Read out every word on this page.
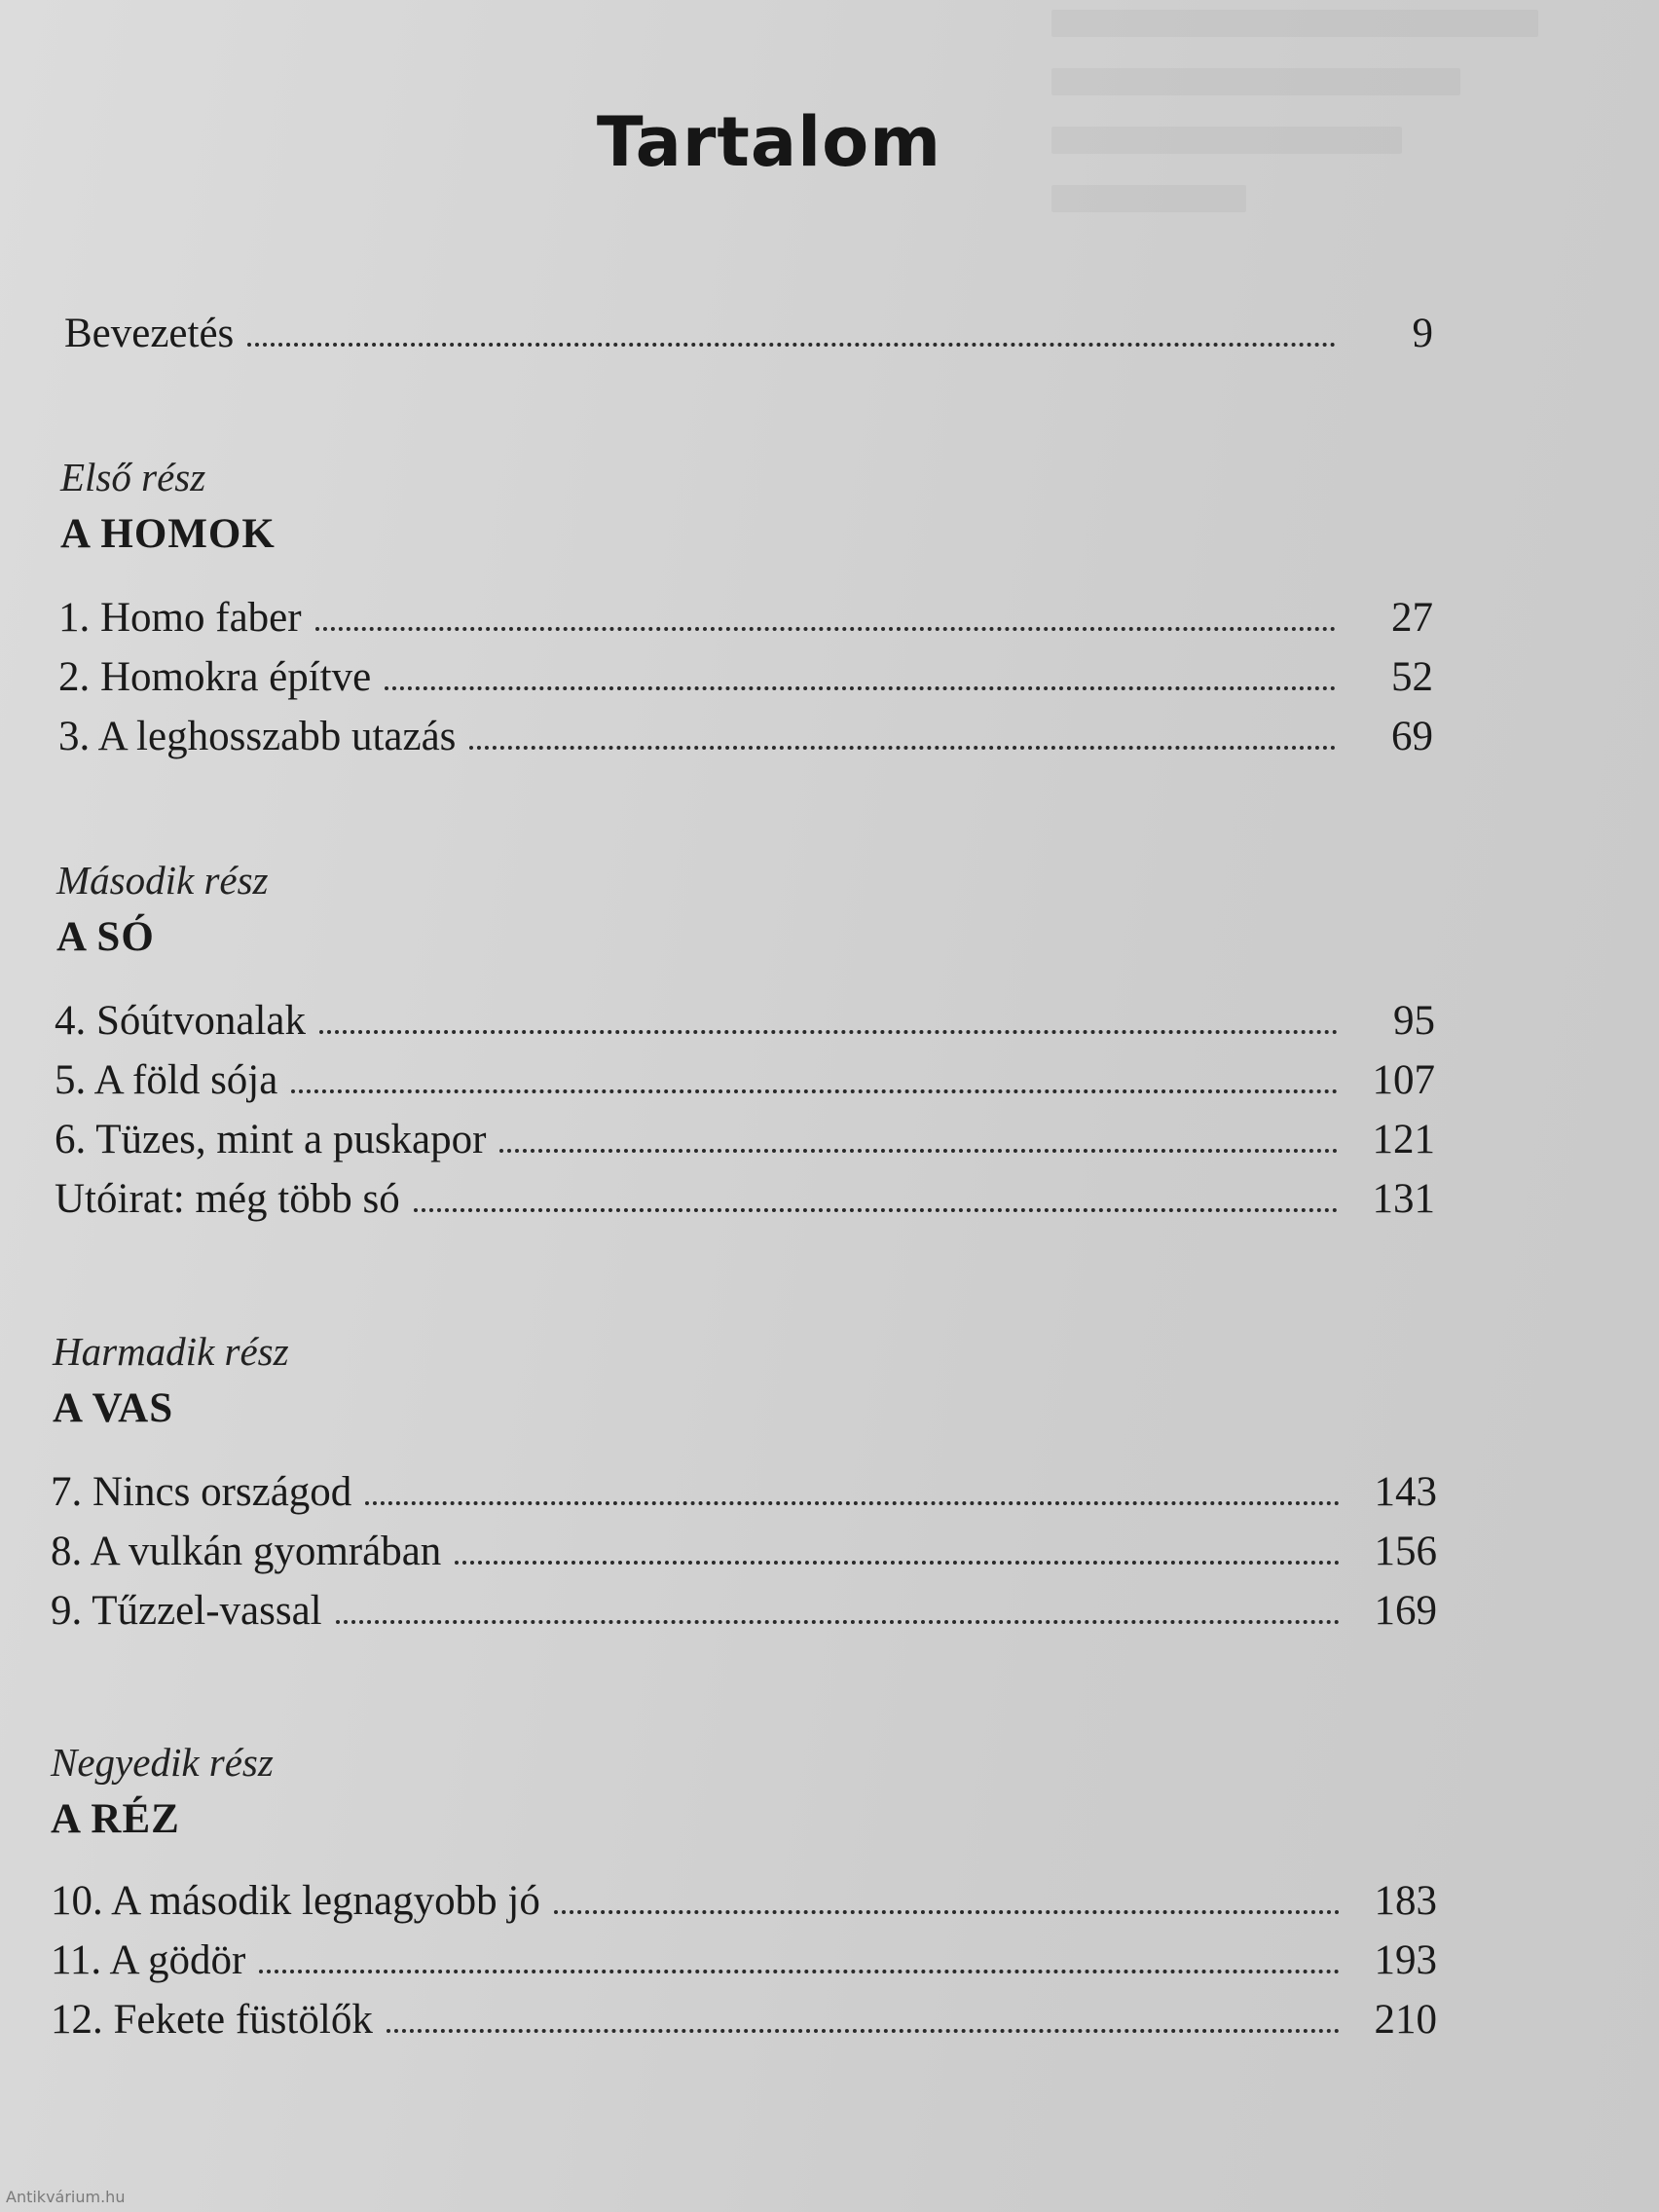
Tartalom
Bevezetés	9
Első rész
A HOMOK
1. Homo faber	27
2. Homokra építve	52
3. A leghosszabb utazás	69
Második rész
A SÓ
4. Sóútvonalak	95
5. A föld sója	107
6. Tüzes, mint a puskapor	121
Utóirat: még több só	131
Harmadik rész
A VAS
7. Nincs országod	143
8. A vulkán gyomrában	156
9. Tűzzel-vassal	169
Negyedik rész
A RÉZ
10. A második legnagyobb jó	183
11. A gödör	193
12. Fekete füstölők	210
Antikvárium.hu
